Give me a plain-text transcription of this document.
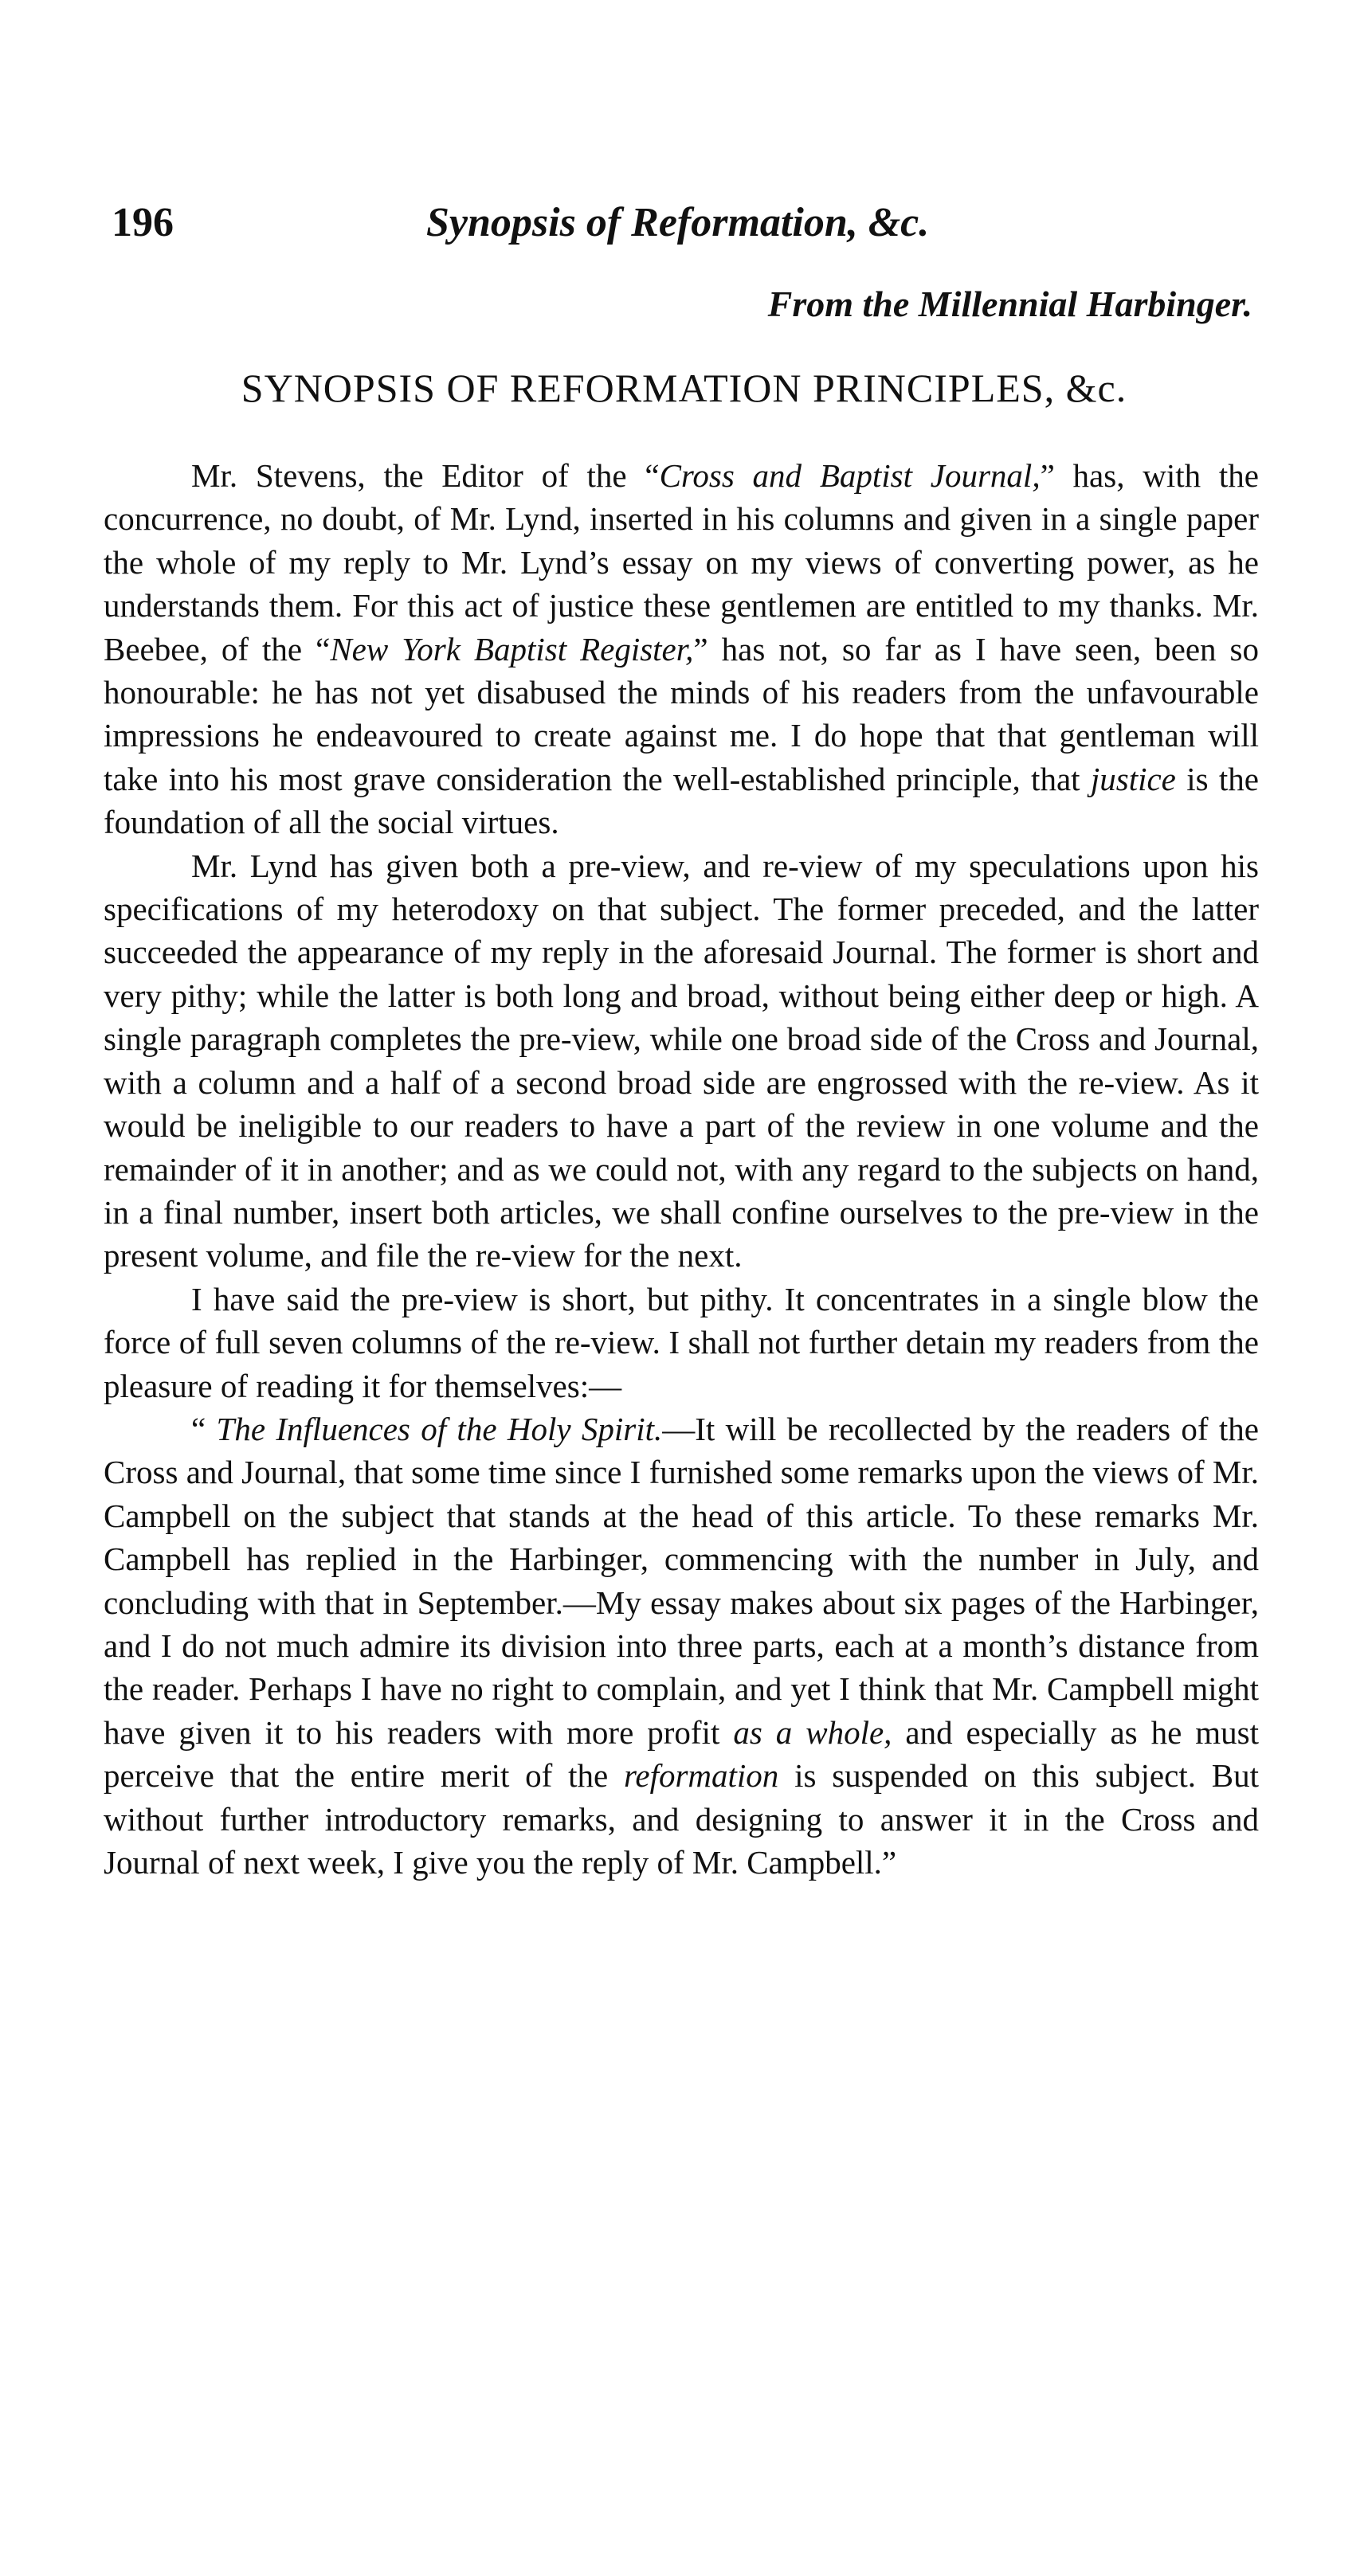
196	Synopsis of Reformation, &c.
From the Millennial Harbinger.
SYNOPSIS OF REFORMATION PRINCIPLES, &c.

Mr. Stevens, the Editor of the “Cross and Baptist Journal,” has, with the concurrence, no doubt, of Mr. Lynd, inserted in his columns and given in a single paper the whole of my reply to Mr. Lynd’s essay on my views of converting power, as he understands them. For this act of justice these gentlemen are entitled to my thanks. Mr. Beebee, of the “New York Baptist Register,” has not, so far as I have seen, been so honourable: he has not yet disabused the minds of his readers from the unfavourable impressions he endeavoured to create against me. I do hope that that gentleman will take into his most grave consideration the well-established principle, that justice is the foundation of all the social virtues.

Mr. Lynd has given both a pre-view, and re-view of my speculations upon his specifications of my heterodoxy on that subject. The former preceded, and the latter succeeded the appearance of my reply in the aforesaid Journal. The former is short and very pithy; while the latter is both long and broad, without being either deep or high. A single paragraph completes the pre-view, while one broad side of the Cross and Journal, with a column and a half of a second broad side are engrossed with the re-view. As it would be ineligible to our readers to have a part of the review in one volume and the remainder of it in another; and as we could not, with any regard to the subjects on hand, in a final number, insert both articles, we shall confine ourselves to the pre-view in the present volume, and file the re-view for the next.

I have said the pre-view is short, but pithy. It concentrates in a single blow the force of full seven columns of the re-view. I shall not further detain my readers from the pleasure of reading it for themselves:—

“ The Influences of the Holy Spirit.—It will be recollected by the readers of the Cross and Journal, that some time since I furnished some remarks upon the views of Mr. Campbell on the subject that stands at the head of this article. To these remarks Mr. Campbell has replied in the Harbinger, commencing with the number in July, and concluding with that in September.—My essay makes about six pages of the Harbinger, and I do not much admire its division into three parts, each at a month’s distance from the reader. Perhaps I have no right to complain, and yet I think that Mr. Campbell might have given it to his readers with more profit as a whole, and especially as he must perceive that the entire merit of the reformation is suspended on this subject. But without further introductory remarks, and designing to answer it in the Cross and Journal of next week, I give you the reply of Mr. Campbell.”
